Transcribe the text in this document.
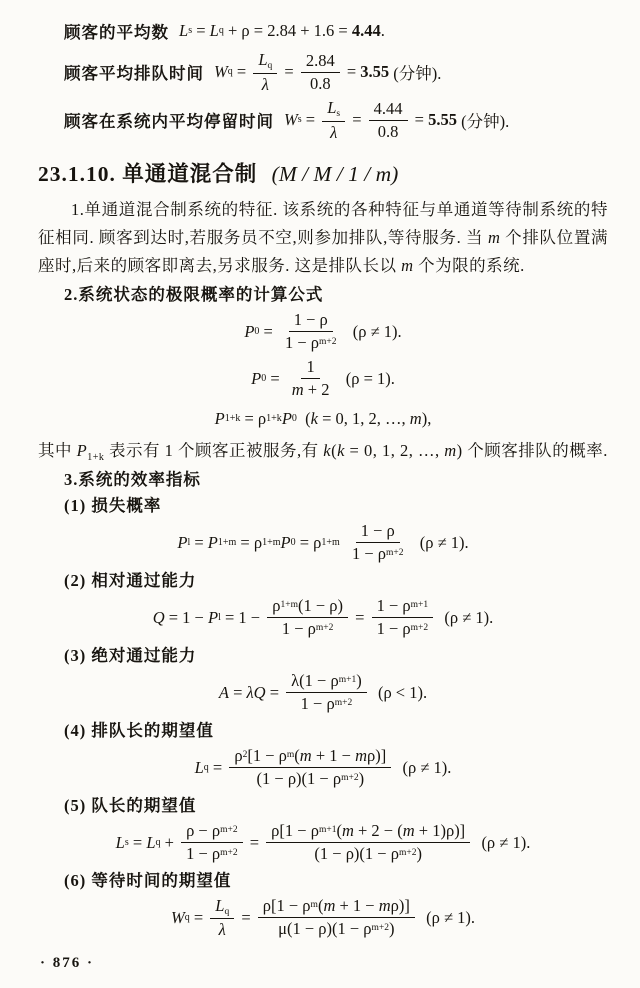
顾客的平均数 L s = L q + ρ = 2.84 + 1.6 = 4.44 .
顾客平均排队时间 W $q = \frac{L_q}{\lambda} = \frac{2.84}{0.8} = 3.55$ (分钟).
顾客在系统内平均停留时间 W $s = \frac{L_s}{\lambda} = \frac{4.44}{0.8} = 5.55$ (分钟).
23.1.10. 单通道混合制 (M / M / 1 / m)

1.单通道混合制系统的特征. 该系统的各种特征与单通道等待制系统的特征相同. 顾客到达时,若服务员不空,则参加排队,等待服务. 当 m 个排队位置满座时,后来的顾客即离去,另求服务. 这是排队长以 m 个为限的系统.

2.系统状态的极限概率的计算公式

P $0 = \frac{1 - \rho}{1 - \rho^{m+2}} (\rho \ne 1)$.
P $0 = \frac{1}{m + 2} (\rho = 1)$.
P 1+k = ρ 1+k P 0 ( k = 0, 1, 2, …, m ),

其中 $P_{1+k}$ 表示有 1 个顾客正被服务,有 k(k = 0, 1, 2, …, m) 个顾客排队的概率.

3.系统的效率指标

(1) 损失概率

P l = P 1+m = ρ 1+m P 0 = ρ 1+m
$\frac{1 - \rho}{1 - \rho^{m+2}} (\rho \ne 1)$.

(2) 相对通过能力

Q = 1 − P $l = 1 - \frac{\rho^{1+m}(1 - \rho)}{1 - \rho^{m+2}} = \frac{1 - \rho^{m+1}}{1 - \rho^{m+2}} (\rho \ne 1)$.

(3) 绝对通过能力

$A = \lambda Q = \frac{\lambda(1 - \rho^{m+1})}{1 - \rho^{m+2}} (\rho < 1)$.

(4) 排队长的期望值

L $q = \frac{\rho^2[1 - \rho^m(m + 1 - m\rho)]}{(1 - \rho)(1 - \rho^{m+2})} (\rho \ne 1)$.

(5) 队长的期望值

L s = L $q + \frac{\rho - \rho^{m+2}}{1 - \rho^{m+2}} = \frac{\rho[1 - \rho^{m+1}(m + 2 - (m + 1)\rho)]}{(1 - \rho)(1 - \rho^{m+2})} (\rho \ne 1)$.

(6) 等待时间的期望值

W $q = \frac{L_q}{\lambda} = \frac{\rho[1 - \rho^m(m + 1 - m\rho)]}{\mu(1 - \rho)(1 - \rho^{m+2})} (\rho \ne 1)$.
· 876 ·
